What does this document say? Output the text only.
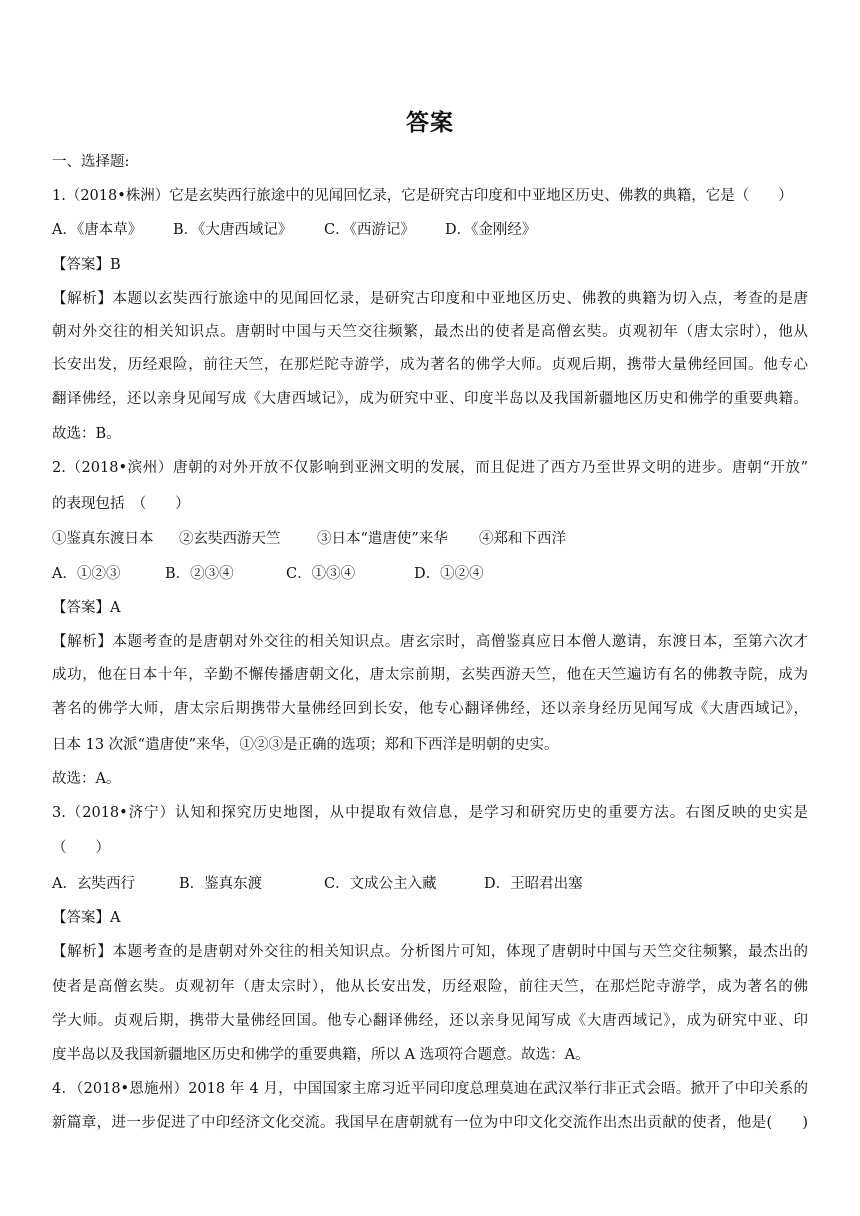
答案
一、选择题:
1.（2018•株洲）它是玄奘西行旅途中的见闻回忆录，它是研究古印度和中亚地区历史、佛教的典籍，它是（　　）
A．《唐本草》 B．《大唐西域记》 C．《西游记》 D．《金刚经》
【答案】B
【解析】本题以玄奘西行旅途中的见闻回忆录，是研究古印度和中亚地区历史、佛教的典籍为切入点，考查的是唐
朝对外交往的相关知识点。唐朝时中国与天竺交往频繁，最杰出的使者是高僧玄奘。贞观初年（唐太宗时），他从
长安出发，历经艰险，前往天竺，在那烂陀寺游学，成为著名的佛学大师。贞观后期，携带大量佛经回国。他专心
翻译佛经，还以亲身见闻写成《大唐西域记》，成为研究中亚、印度半岛以及我国新疆地区历史和佛学的重要典籍。
故选：B。
2.（2018•滨州）唐朝的对外开放不仅影响到亚洲文明的发展，而且促进了西方乃至世界文明的进步。唐朝“开放”
的表现包括　（　　）
①鉴真东渡日本 ②玄奘西游天竺	③日本“遣唐使”来华 ④郑和下西洋
A．①②③	B．②③④	C．①③④	D．①②④
【答案】A
【解析】本题考查的是唐朝对外交往的相关知识点。唐玄宗时，高僧鉴真应日本僧人邀请，东渡日本，至第六次才
成功，他在日本十年，辛勤不懈传播唐朝文化，唐太宗前期，玄奘西游天竺，他在天竺遍访有名的佛教寺院，成为
著名的佛学大师，唐太宗后期携带大量佛经回到长安，他专心翻译佛经，还以亲身经历见闻写成《大唐西域记》，
日本 13 次派“遣唐使”来华，①②③是正确的选项；郑和下西洋是明朝的史实。
故选：A。
3.（2018•济宁）认知和探究历史地图，从中提取有效信息，是学习和研究历史的重要方法。右图反映的史实是
（　　）
A．玄奘西行	B．鉴真东渡	C．文成公主入藏	D．王昭君出塞
【答案】A
【解析】本题考查的是唐朝对外交往的相关知识点。分析图片可知，体现了唐朝时中国与天竺交往频繁，最杰出的
使者是高僧玄奘。贞观初年（唐太宗时），他从长安出发，历经艰险，前往天竺，在那烂陀寺游学，成为著名的佛
学大师。贞观后期，携带大量佛经回国。他专心翻译佛经，还以亲身见闻写成《大唐西域记》，成为研究中亚、印
度半岛以及我国新疆地区历史和佛学的重要典籍，所以 A 选项符合题意。故选：A。
4．（2018•恩施州）2018 年 4 月，中国国家主席习近平同印度总理莫迪在武汉举行非正式会晤。掀开了中印关系的
新篇章，进一步促进了中印经济文化交流。我国早在唐朝就有一位为中印文化交流作出杰出贡献的使者，他是(　　)
